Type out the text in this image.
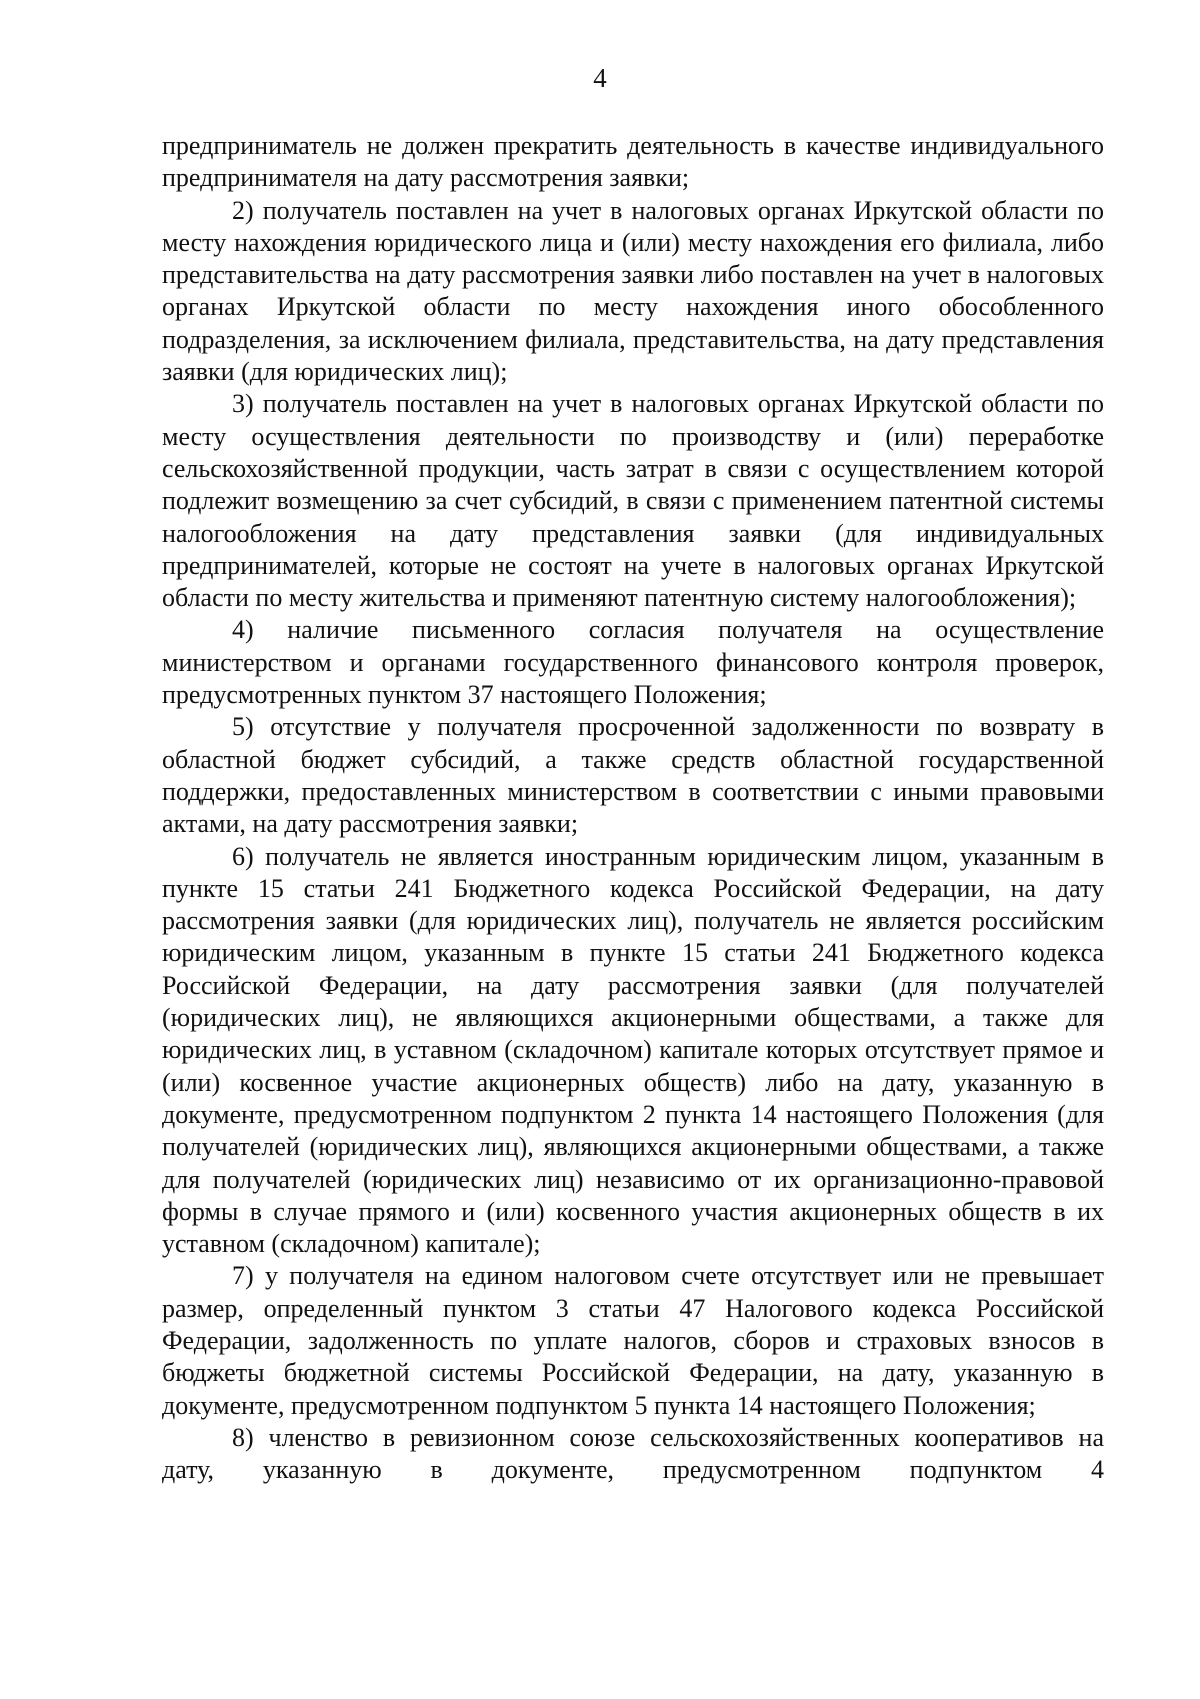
4

предприниматель не должен прекратить деятельность в качестве индивидуального предпринимателя на дату рассмотрения заявки;

2) получатель поставлен на учет в налоговых органах Иркутской области по месту нахождения юридического лица и (или) месту нахождения его филиала, либо представительства на дату рассмотрения заявки либо поставлен на учет в налоговых органах Иркутской области по месту нахождения иного обособленного подразделения, за исключением филиала, представительства, на дату представления заявки (для юридических лиц);

3) получатель поставлен на учет в налоговых органах Иркутской области по месту осуществления деятельности по производству и (или) переработке сельскохозяйственной продукции, часть затрат в связи с осуществлением которой подлежит возмещению за счет субсидий, в связи с применением патентной системы налогообложения на дату представления заявки (для индивидуальных предпринимателей, которые не состоят на учете в налоговых органах Иркутской области по месту жительства и применяют патентную систему налогообложения);

4) наличие письменного согласия получателя на осуществление министерством и органами государственного финансового контроля проверок, предусмотренных пунктом 37 настоящего Положения;

5) отсутствие у получателя просроченной задолженности по возврату в областной бюджет субсидий, а также средств областной государственной поддержки, предоставленных министерством в соответствии с иными правовыми актами, на дату рассмотрения заявки;

6) получатель не является иностранным юридическим лицом, указанным в пункте 15 статьи 241 Бюджетного кодекса Российской Федерации, на дату рассмотрения заявки (для юридических лиц), получатель не является российским юридическим лицом, указанным в пункте 15 статьи 241 Бюджетного кодекса Российской Федерации, на дату рассмотрения заявки (для получателей (юридических лиц), не являющихся акционерными обществами, а также для юридических лиц, в уставном (складочном) капитале которых отсутствует прямое и (или) косвенное участие акционерных обществ) либо на дату, указанную в документе, предусмотренном подпунктом 2 пункта 14 настоящего Положения (для получателей (юридических лиц), являющихся акционерными обществами, а также для получателей (юридических лиц) независимо от их организационно-правовой формы в случае прямого и (или) косвенного участия акционерных обществ в их уставном (складочном) капитале);

7) у получателя на едином налоговом счете отсутствует или не превышает размер, определенный пунктом 3 статьи 47 Налогового кодекса Российской Федерации, задолженность по уплате налогов, сборов и страховых взносов в бюджеты бюджетной системы Российской Федерации, на дату, указанную в документе, предусмотренном подпунктом 5 пункта 14 настоящего Положения;

8) членство в ревизионном союзе сельскохозяйственных кооперативов на дату, указанную в документе, предусмотренном подпунктом 4
